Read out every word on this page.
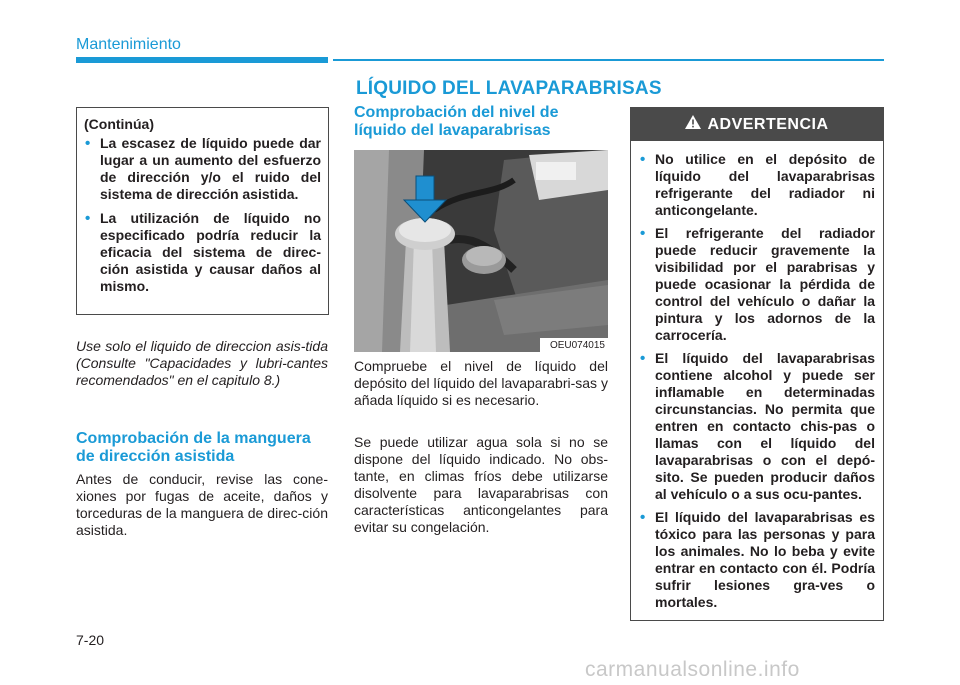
Mantenimiento
LÍQUIDO DEL LAVAPARABRISAS
(Continúa)
• La escasez de líquido puede dar lugar a un aumento del esfuerzo de dirección y/o el ruido del sistema de dirección asistida.
• La utilización de líquido no especificado podría reducir la eficacia del sistema de direc-ción asistida y causar daños al mismo.
Use solo el liquido de direccion asis-tida (Consulte "Capacidades y lubri-cantes recomendados" en el capitulo 8.)
Comprobación de la manguera de dirección asistida
Antes de conducir, revise las cone-xiones por fugas de aceite, daños y torceduras de la manguera de direc-ción asistida.
Comprobación del nivel de líquido del lavaparabrisas
OEU074015
Compruebe el nivel de líquido del depósito del líquido del lavaparabri-sas y añada líquido si es necesario.
Se puede utilizar agua sola si no se dispone del líquido indicado. No obs-tante, en climas fríos debe utilizarse disolvente para lavaparabrisas con características anticongelantes para evitar su congelación.
ADVERTENCIA
• No utilice en el depósito de líquido del lavaparabrisas refrigerante del radiador ni anticongelante.
• El refrigerante del radiador puede reducir gravemente la visibilidad por el parabrisas y puede ocasionar la pérdida de control del vehículo o dañar la pintura y los adornos de la carrocería.
• El líquido del lavaparabrisas contiene alcohol y puede ser inflamable en determinadas circunstancias. No permita que entren en contacto chis-pas o llamas con el líquido del lavaparabrisas o con el depó-sito. Se pueden producir daños al vehículo o a sus ocu-pantes.
• El líquido del lavaparabrisas es tóxico para las personas y para los animales. No lo beba y evite entrar en contacto con él. Podría sufrir lesiones gra-ves o mortales.
7-20
carmanualsonline.info
